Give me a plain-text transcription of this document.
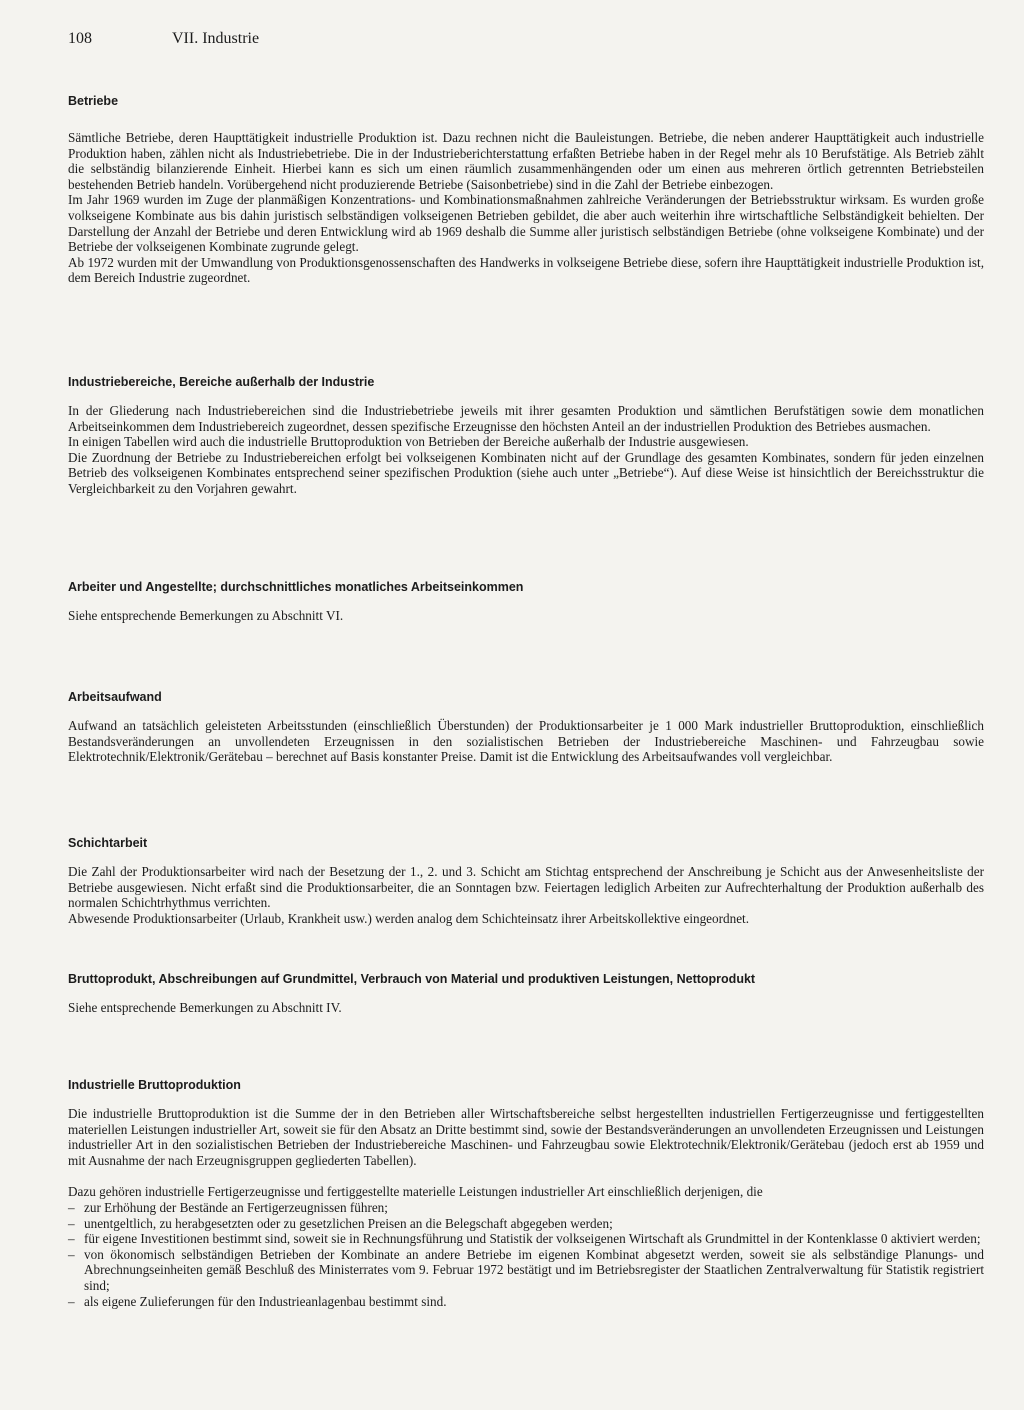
108	VII. Industrie
Betriebe

Sämtliche Betriebe, deren Haupttätigkeit industrielle Produktion ist. Dazu rechnen nicht die Bauleistungen. Betriebe, die neben anderer Haupttätigkeit auch industrielle Produktion haben, zählen nicht als Industriebetriebe. Die in der Industrieberichterstattung erfaßten Betriebe haben in der Regel mehr als 10 Berufstätige. Als Betrieb zählt die selbständig bilanzierende Einheit. Hierbei kann es sich um einen räumlich zusammenhängenden oder um einen aus mehreren örtlich getrennten Betriebsteilen bestehenden Betrieb handeln. Vorübergehend nicht produzierende Betriebe (Saisonbetriebe) sind in die Zahl der Betriebe einbezogen.

Im Jahr 1969 wurden im Zuge der planmäßigen Konzentrations- und Kombinationsmaßnahmen zahlreiche Veränderungen der Betriebsstruktur wirksam. Es wurden große volkseigene Kombinate aus bis dahin juristisch selbständigen volkseigenen Betrieben gebildet, die aber auch weiterhin ihre wirtschaftliche Selbständigkeit behielten. Der Darstellung der Anzahl der Betriebe und deren Entwicklung wird ab 1969 deshalb die Summe aller juristisch selbständigen Betriebe (ohne volkseigene Kombinate) und der Betriebe der volkseigenen Kombinate zugrunde gelegt.

Ab 1972 wurden mit der Umwandlung von Produktionsgenossenschaften des Handwerks in volkseigene Betriebe diese, sofern ihre Haupttätigkeit industrielle Produktion ist, dem Bereich Industrie zugeordnet.

Industriebereiche, Bereiche außerhalb der Industrie

In der Gliederung nach Industriebereichen sind die Industriebetriebe jeweils mit ihrer gesamten Produktion und sämtlichen Berufstätigen sowie dem monatlichen Arbeitseinkommen dem Industriebereich zugeordnet, dessen spezifische Erzeugnisse den höchsten Anteil an der industriellen Produktion des Betriebes ausmachen.

In einigen Tabellen wird auch die industrielle Bruttoproduktion von Betrieben der Bereiche außerhalb der Industrie ausgewiesen.

Die Zuordnung der Betriebe zu Industriebereichen erfolgt bei volkseigenen Kombinaten nicht auf der Grundlage des gesamten Kombinates, sondern für jeden einzelnen Betrieb des volkseigenen Kombinates entsprechend seiner spezifischen Produktion (siehe auch unter „Betriebe“). Auf diese Weise ist hinsichtlich der Bereichsstruktur die Vergleichbarkeit zu den Vorjahren gewahrt.

Arbeiter und Angestellte; durchschnittliches monatliches Arbeitseinkommen

Siehe entsprechende Bemerkungen zu Abschnitt VI.

Arbeitsaufwand

Aufwand an tatsächlich geleisteten Arbeitsstunden (einschließlich Überstunden) der Produktionsarbeiter je 1 000 Mark industrieller Bruttoproduktion, einschließlich Bestandsveränderungen an unvollendeten Erzeugnissen in den sozialistischen Betrieben der Industriebereiche Maschinen- und Fahrzeugbau sowie Elektrotechnik/Elektronik/Gerätebau – berechnet auf Basis konstanter Preise. Damit ist die Entwicklung des Arbeitsaufwandes voll vergleichbar.

Schichtarbeit

Die Zahl der Produktionsarbeiter wird nach der Besetzung der 1., 2. und 3. Schicht am Stichtag entsprechend der Anschreibung je Schicht aus der Anwesenheitsliste der Betriebe ausgewiesen. Nicht erfaßt sind die Produktionsarbeiter, die an Sonntagen bzw. Feiertagen lediglich Arbeiten zur Aufrechterhaltung der Produktion außerhalb des normalen Schichtrhythmus verrichten.

Abwesende Produktionsarbeiter (Urlaub, Krankheit usw.) werden analog dem Schichteinsatz ihrer Arbeitskollektive eingeordnet.

Bruttoprodukt, Abschreibungen auf Grundmittel, Verbrauch von Material und produktiven Leistungen, Nettoprodukt

Siehe entsprechende Bemerkungen zu Abschnitt IV.

Industrielle Bruttoproduktion

Die industrielle Bruttoproduktion ist die Summe der in den Betrieben aller Wirtschaftsbereiche selbst hergestellten industriellen Fertigerzeugnisse und fertiggestellten materiellen Leistungen industrieller Art, soweit sie für den Absatz an Dritte bestimmt sind, sowie der Bestandsveränderungen an unvollendeten Erzeugnissen und Leistungen industrieller Art in den sozialistischen Betrieben der Industriebereiche Maschinen- und Fahrzeugbau sowie Elektrotechnik/Elektronik/Gerätebau (jedoch erst ab 1959 und mit Ausnahme der nach Erzeugnisgruppen gegliederten Tabellen).

Dazu gehören industrielle Fertigerzeugnisse und fertiggestellte materielle Leistungen industrieller Art einschließlich derjenigen, die

– zur Erhöhung der Bestände an Fertigerzeugnissen führen;
– unentgeltlich, zu herabgesetzten oder zu gesetzlichen Preisen an die Belegschaft abgegeben werden;
– für eigene Investitionen bestimmt sind, soweit sie in Rechnungsführung und Statistik der volkseigenen Wirtschaft als Grundmittel in der Kontenklasse 0 aktiviert werden;
– von ökonomisch selbständigen Betrieben der Kombinate an andere Betriebe im eigenen Kombinat abgesetzt werden, soweit sie als selbständige Planungs- und Abrechnungseinheiten gemäß Beschluß des Ministerrates vom 9. Februar 1972 bestätigt und im Betriebsregister der Staatlichen Zentralverwaltung für Statistik registriert sind;
– als eigene Zulieferungen für den Industrieanlagenbau bestimmt sind.
